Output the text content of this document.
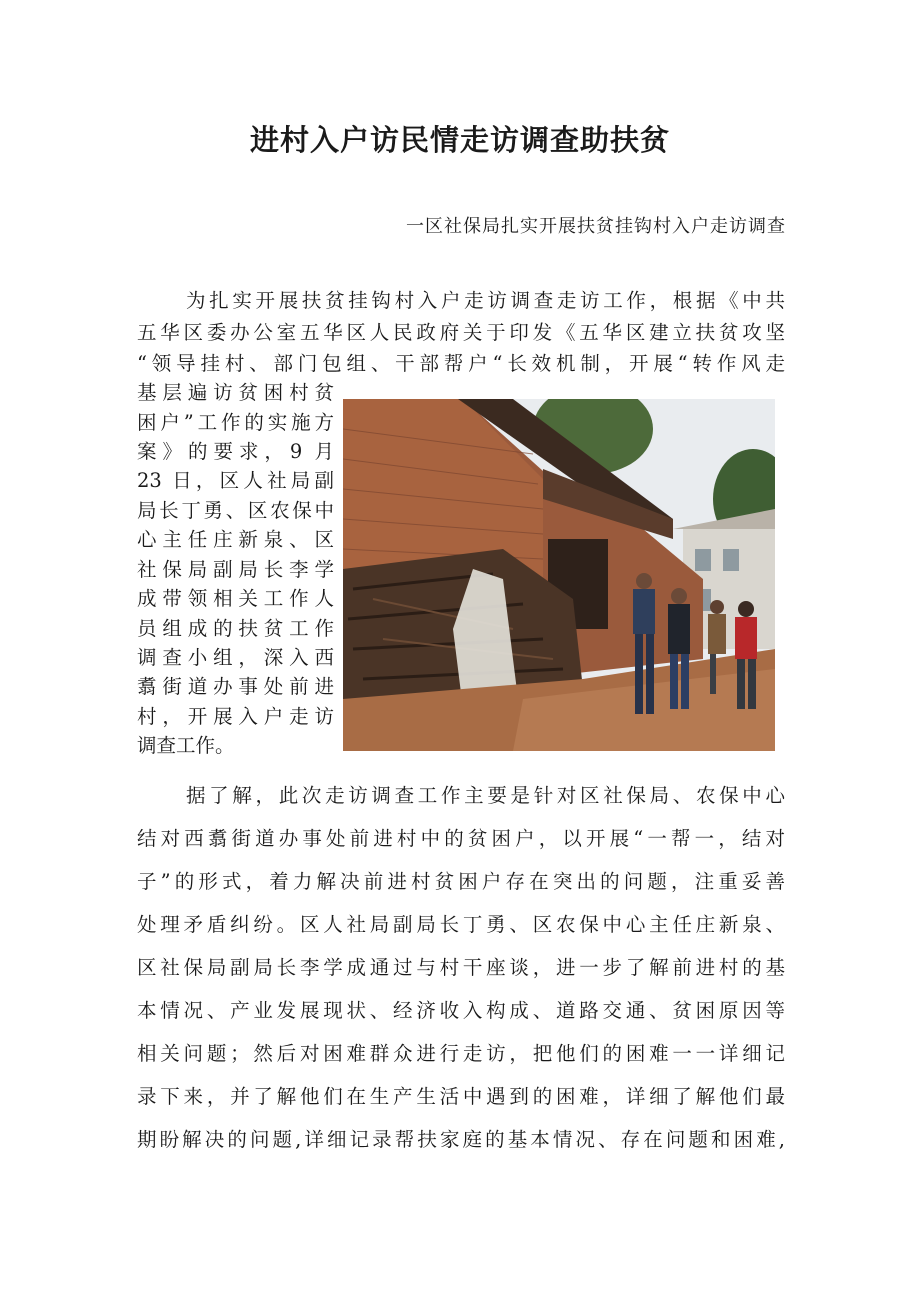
进村入户访民情走访调查助扶贫
一区社保局扎实开展扶贫挂钩村入户走访调查
为扎实开展扶贫挂钩村入户走访调查走访工作，根据《中共
五华区委办公室五华区人民政府关于印发《五华区建立扶贫攻坚
“领导挂村、部门包组、干部帮户“长效机制，开展“转作风走
基层遍访贫困村贫
困户”工作的实施方
案》的要求，9 月
23 日，区人社局副
局长丁勇、区农保中
心主任庄新泉、区
社保局副局长李学
成带领相关工作人
员组成的扶贫工作
调查小组，深入西
翥街道办事处前进
村，开展入户走访
调查工作。
据了解，此次走访调查工作主要是针对区社保局、农保中心
结对西翥街道办事处前进村中的贫困户，以开展“一帮一，结对
子”的形式，着力解决前进村贫困户存在突出的问题，注重妥善
处理矛盾纠纷。区人社局副局长丁勇、区农保中心主任庄新泉、
区社保局副局长李学成通过与村干座谈，进一步了解前进村的基
本情况、产业发展现状、经济收入构成、道路交通、贫困原因等
相关问题；然后对困难群众进行走访，把他们的困难一一详细记
录下来，并了解他们在生产生活中遇到的困难，详细了解他们最
期盼解决的问题,详细记录帮扶家庭的基本情况、存在问题和困难,
